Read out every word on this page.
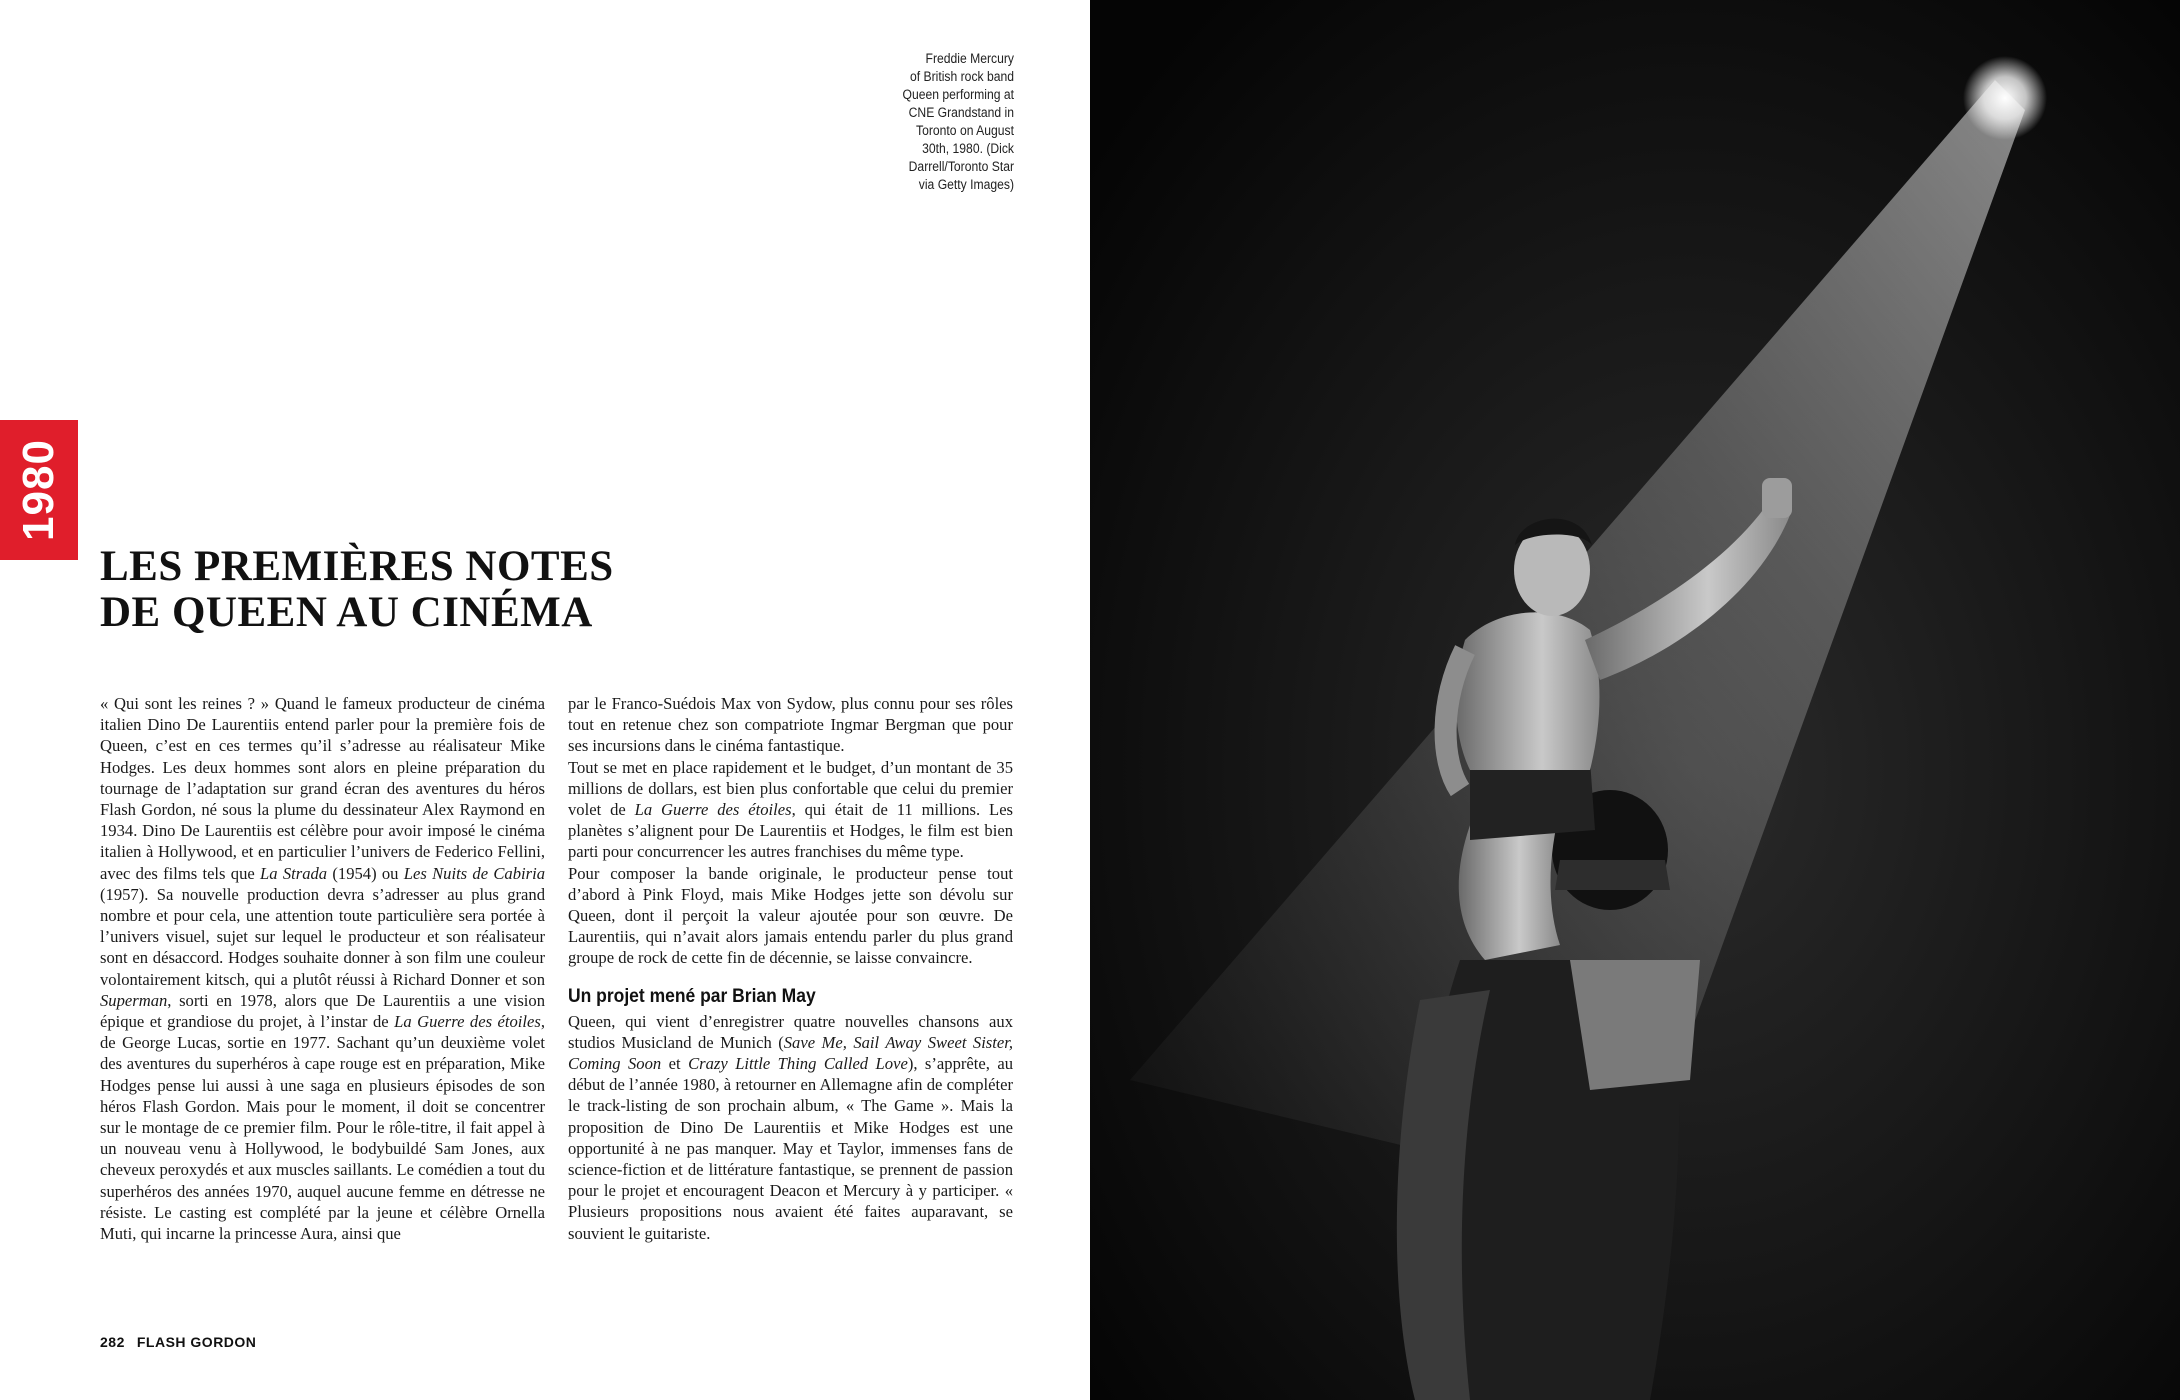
Freddie Mercury
of British rock band
Queen performing at
CNE Grandstand in
Toronto on August
30th, 1980. (Dick
Darrell/Toronto Star
via Getty Images)
1980
LES PREMIÈRES NOTES
DE QUEEN AU CINÉMA

« Qui sont les reines ? » Quand le fameux producteur de cinéma italien Dino De Laurentiis entend parler pour la première fois de Queen, c’est en ces termes qu’il s’adresse au réalisateur Mike Hodges. Les deux hommes sont alors en pleine préparation du tournage de l’adaptation sur grand écran des aventures du héros Flash Gordon, né sous la plume du dessinateur Alex Raymond en 1934. Dino De Laurentiis est célèbre pour avoir imposé le cinéma italien à Hollywood, et en particulier l’univers de Federico Fellini, avec des films tels que La Strada (1954) ou Les Nuits de Cabiria (1957). Sa nouvelle production devra s’adresser au plus grand nombre et pour cela, une attention toute particulière sera portée à l’univers visuel, sujet sur lequel le producteur et son réalisateur sont en désaccord. Hodges souhaite donner à son film une couleur volontairement kitsch, qui a plutôt réussi à Richard Donner et son Superman, sorti en 1978, alors que De Laurentiis a une vision épique et grandiose du projet, à l’instar de La Guerre des étoiles, de George Lucas, sortie en 1977. Sachant qu’un deuxième volet des aventures du superhéros à cape rouge est en préparation, Mike Hodges pense lui aussi à une saga en plusieurs épisodes de son héros Flash Gordon. Mais pour le moment, il doit se concentrer sur le montage de ce premier film. Pour le rôle-titre, il fait appel à un nouveau venu à Hollywood, le bodybuildé Sam Jones, aux cheveux peroxydés et aux muscles saillants. Le comédien a tout du superhéros des années 1970, auquel aucune femme en détresse ne résiste. Le casting est complété par la jeune et célèbre Ornella Muti, qui incarne la princesse Aura, ainsi que

par le Franco-Suédois Max von Sydow, plus connu pour ses rôles tout en retenue chez son compatriote Ingmar Bergman que pour ses incursions dans le cinéma fantastique.

Tout se met en place rapidement et le budget, d’un montant de 35 millions de dollars, est bien plus confortable que celui du premier volet de La Guerre des étoiles, qui était de 11 millions. Les planètes s’alignent pour De Laurentiis et Hodges, le film est bien parti pour concurrencer les autres franchises du même type.

Pour composer la bande originale, le producteur pense tout d’abord à Pink Floyd, mais Mike Hodges jette son dévolu sur Queen, dont il perçoit la valeur ajoutée pour son œuvre. De Laurentiis, qui n’avait alors jamais entendu parler du plus grand groupe de rock de cette fin de décennie, se laisse convaincre.

Un projet mené par Brian May

Queen, qui vient d’enregistrer quatre nouvelles chansons aux studios Musicland de Munich (Save Me, Sail Away Sweet Sister, Coming Soon et Crazy Little Thing Called Love), s’apprête, au début de l’année 1980, à retourner en Allemagne afin de compléter le track-listing de son prochain album, « The Game ». Mais la proposition de Dino De Laurentiis et Mike Hodges est une opportunité à ne pas manquer. May et Taylor, immenses fans de science-fiction et de littérature fantastique, se prennent de passion pour le projet et encouragent Deacon et Mercury à y participer. « Plusieurs propositions nous avaient été faites auparavant, se souvient le guitariste.

282 FLASH GORDON
